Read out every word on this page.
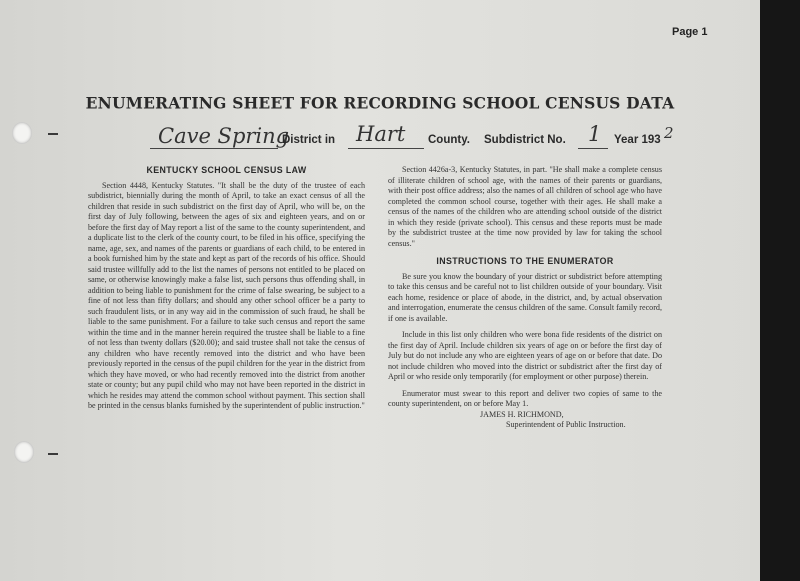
Page 1
ENUMERATING SHEET FOR RECORDING SCHOOL CENSUS DATA
Cave Spring
District in Hart County. Subdistrict No. 1 Year 193 2
KENTUCKY SCHOOL CENSUS LAW

Section 4448, Kentucky Statutes. "It shall be the duty of the trustee of each subdistrict, biennially during the month of April, to take an exact census of all the children that reside in such subdistrict on the first day of April, who will be, on the first day of July following, between the ages of six and eighteen years, and on or before the first day of May report a list of the same to the county superintendent, and a duplicate list to the clerk of the county court, to be filed in his office, specifying the name, age, sex, and names of the parents or guardians of each child, to be entered in a book furnished him by the state and kept as part of the records of his office. Should said trustee willfully add to the list the names of persons not entitled to be placed on same, or otherwise knowingly make a false list, such persons thus offending shall, in addition to being liable to punishment for the crime of false swearing, be subject to a fine of not less than fifty dollars; and should any other school officer be a party to such fraudulent lists, or in any way aid in the commission of such fraud, he shall be liable to the same punishment. For a failure to take such census and report the same within the time and in the manner herein required the trustee shall be liable to a fine of not less than twenty dollars ($20.00); and said trustee shall not take the census of any children who have recently removed into the district and who have been previously reported in the census of the pupil children for the year in the district from which they have moved, or who had recently removed into the district from another state or county; but any pupil child who may not have been reported in the district in which he resides may attend the common school without payment. This section shall be printed in the census blanks furnished by the superintendent of public instruction."

Section 4426a-3, Kentucky Statutes, in part. "He shall make a complete census of illiterate children of school age, with the names of their parents or guardians, with their post office address; also the names of all children of school age who have completed the common school course, together with their ages. He shall make a census of the names of the children who are attending school outside of the district in which they reside (private school). This census and these reports must be made by the subdistrict trustee at the time now provided by law for taking the school census."

INSTRUCTIONS TO THE ENUMERATOR

Be sure you know the boundary of your district or subdistrict before attempting to take this census and be careful not to list children outside of your boundary. Visit each home, residence or place of abode, in the district, and, by actual observation and interrogation, enumerate the census children of the same. Consult family record, if one is available.

Include in this list only children who were bona fide residents of the district on the first day of April. Include children six years of age on or before the first day of July but do not include any who are eighteen years of age on or before that date. Do not include children who moved into the district or subdistrict after the first day of April or who reside only temporarily (for employment or other purpose) therein.

Enumerator must swear to this report and deliver two copies of same to the county superintendent, on or before May 1.

JAMES H. RICHMOND,
Superintendent of Public Instruction.
